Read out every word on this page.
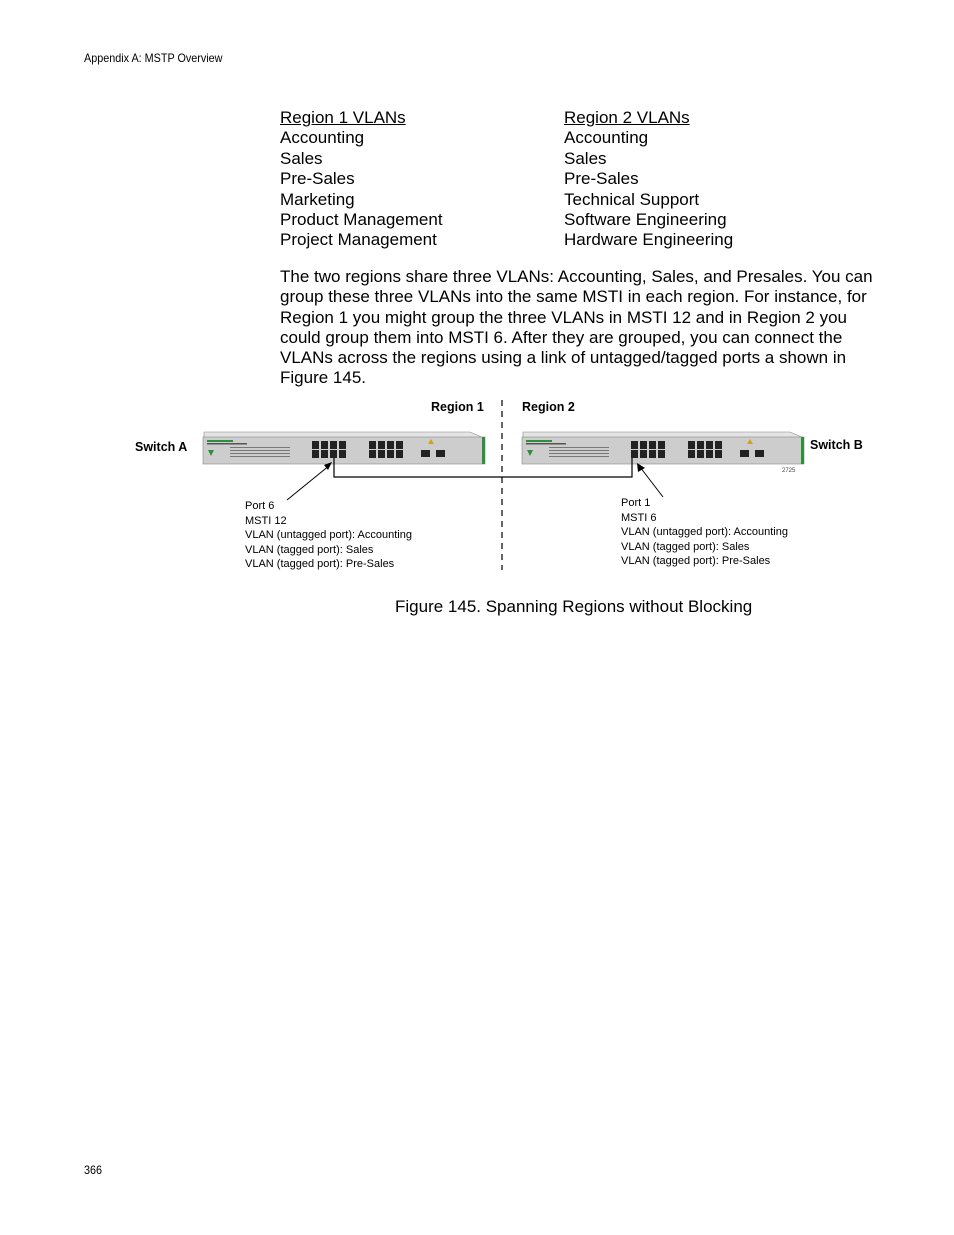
Appendix A: MSTP Overview
Region 1 VLANs
Accounting
Sales
Pre-Sales
Marketing
Product Management
Project Management
Region 2 VLANs
Accounting
Sales
Pre-Sales
Technical Support
Software Engineering
Hardware Engineering
The two regions share three VLANs: Accounting, Sales, and Presales. You can group these three VLANs into the same MSTI in each region. For instance, for Region 1 you might group the three VLANs in MSTI 12 and in Region 2 you could group them into MSTI 6. After they are grouped, you can connect the VLANs across the regions using a link of untagged/tagged ports a shown in Figure 145.
Region 1	Region 2
Switch A	Switch B
2725
Port 6
MSTI 12
VLAN (untagged port): Accounting
VLAN (tagged port): Sales
VLAN (tagged port): Pre-Sales
Port 1
MSTI 6
VLAN (untagged port): Accounting
VLAN (tagged port): Sales
VLAN (tagged port): Pre-Sales
Figure 145. Spanning Regions without Blocking
366
